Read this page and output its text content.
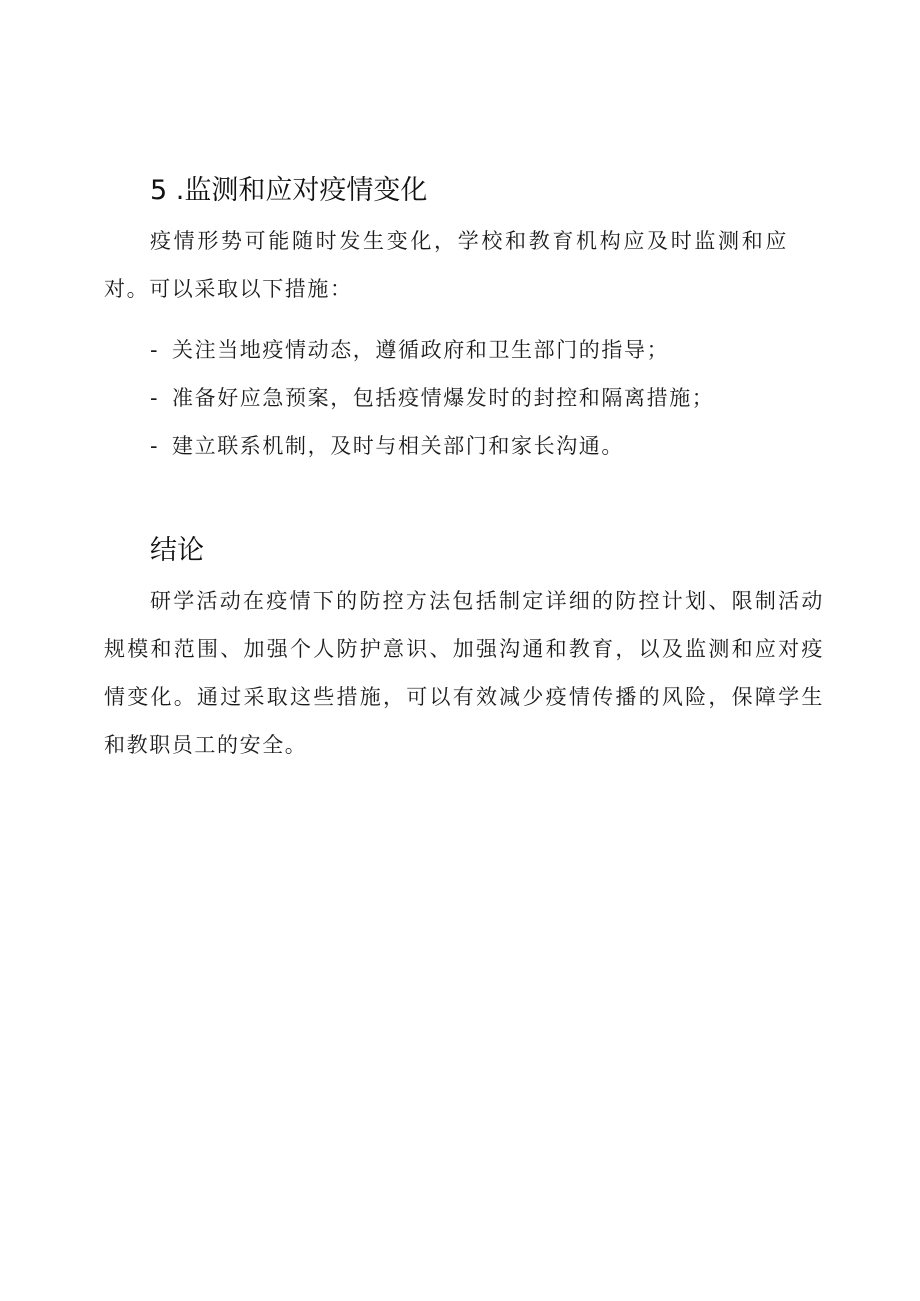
5 .监测和应对疫情变化

疫情形势可能随时发生变化，学校和教育机构应及时监测和应对。可以采取以下措施：

- 关注当地疫情动态，遵循政府和卫生部门的指导；
- 准备好应急预案，包括疫情爆发时的封控和隔离措施；
- 建立联系机制，及时与相关部门和家长沟通。
结论

研学活动在疫情下的防控方法包括制定详细的防控计划、限制活动规模和范围、加强个人防护意识、加强沟通和教育，以及监测和应对疫情变化。通过采取这些措施，可以有效减少疫情传播的风险，保障学生和教职员工的安全。
